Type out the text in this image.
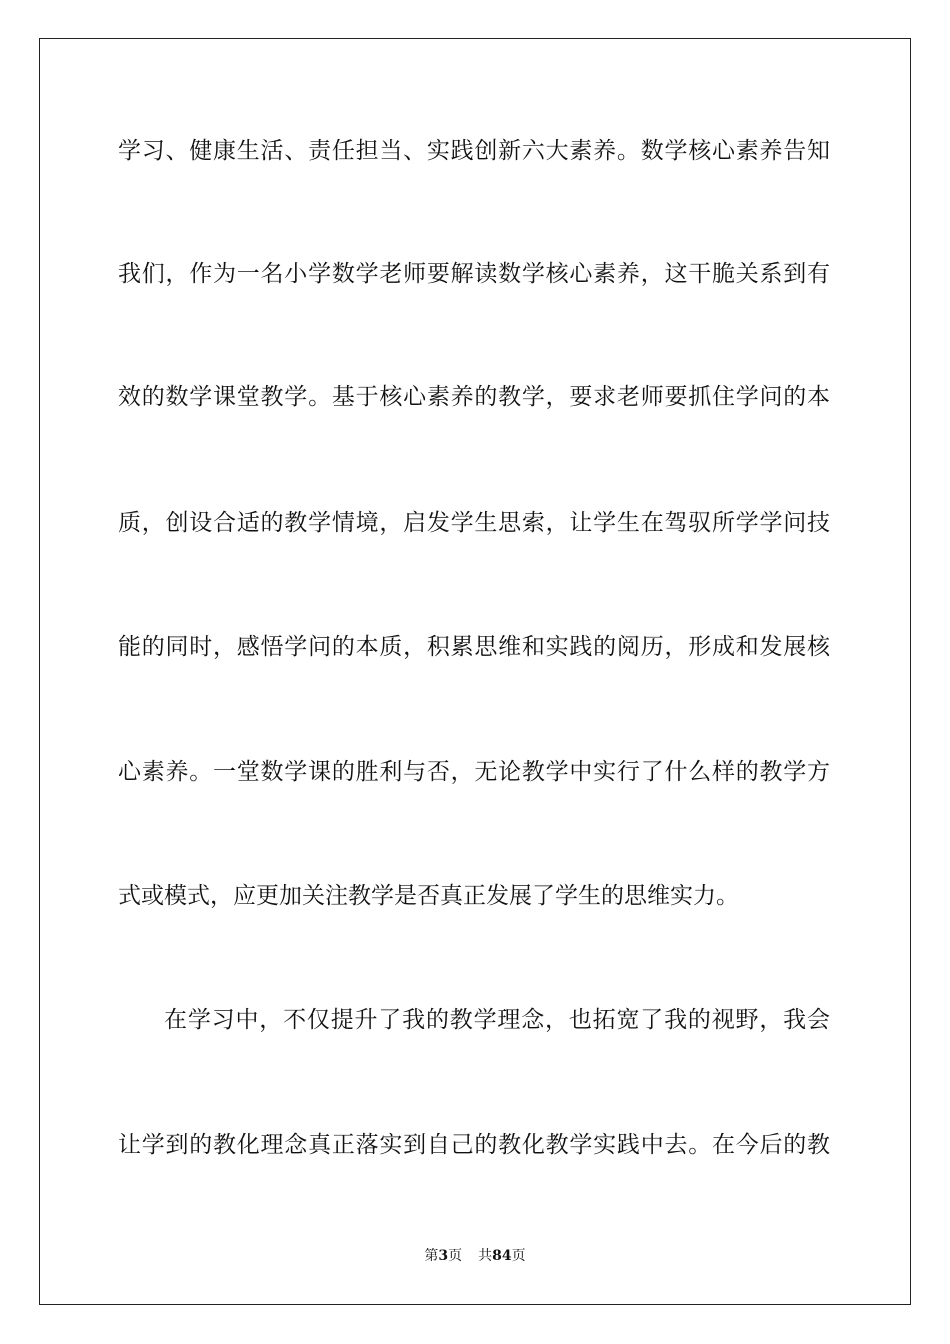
学习、健康生活、责任担当、实践创新六大素养。数学核心素养告知
我们，作为一名小学数学老师要解读数学核心素养，这干脆关系到有
效的数学课堂教学。基于核心素养的教学，要求老师要抓住学问的本
质，创设合适的教学情境，启发学生思索，让学生在驾驭所学学问技
能的同时，感悟学问的本质，积累思维和实践的阅历，形成和发展核
心素养。一堂数学课的胜利与否，无论教学中实行了什么样的教学方
式或模式，应更加关注教学是否真正发展了学生的思维实力。
在学习中，不仅提升了我的教学理念，也拓宽了我的视野，我会
让学到的教化理念真正落实到自己的教化教学实践中去。在今后的教
第3页 共84页
